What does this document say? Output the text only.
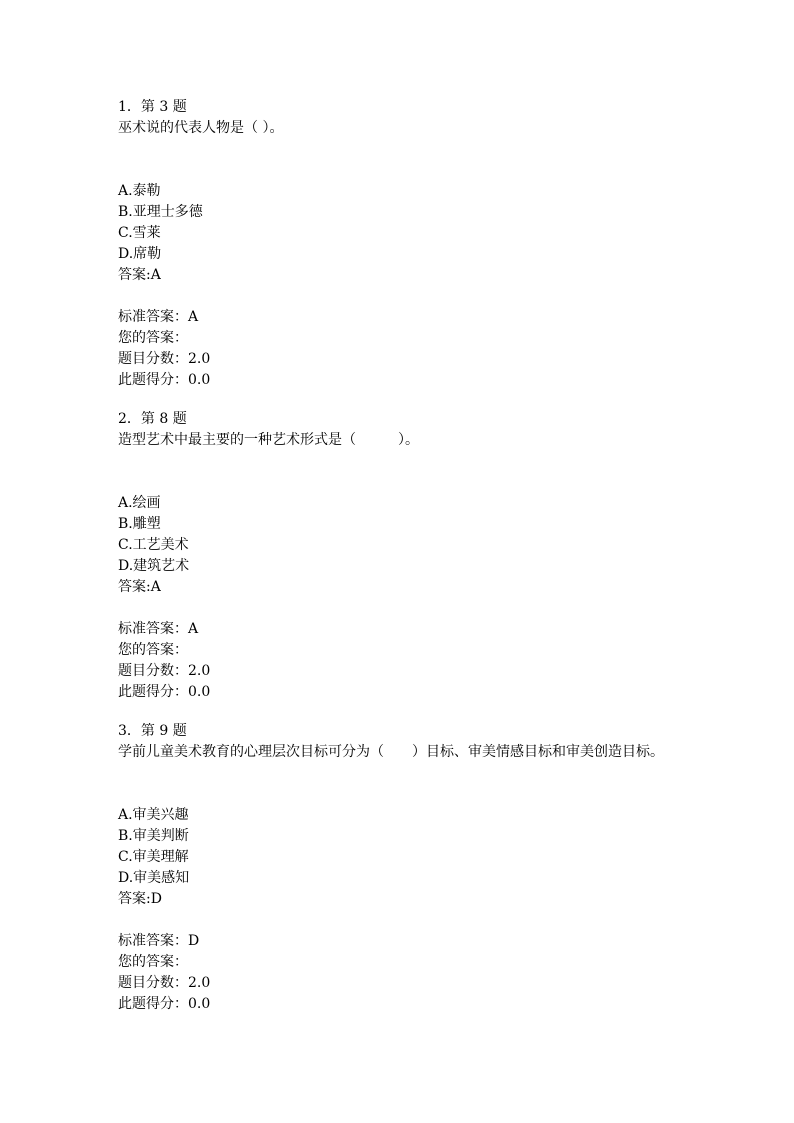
1．第 3 题
巫术说的代表人物是（ ）。
A.泰勒
B.亚理士多德
C.雪莱
D.席勒
答案:A
标准答案：A
您的答案：
题目分数：2.0
此题得分：0.0
2．第 8 题
造型艺术中最主要的一种艺术形式是（　　　）。
A.绘画
B.雕塑
C.工艺美术
D.建筑艺术
答案:A
标准答案：A
您的答案：
题目分数：2.0
此题得分：0.0
3．第 9 题
学前儿童美术教育的心理层次目标可分为（　　）目标、审美情感目标和审美创造目标。
A.审美兴趣
B.审美判断
C.审美理解
D.审美感知
答案:D
标准答案：D
您的答案：
题目分数：2.0
此题得分：0.0
